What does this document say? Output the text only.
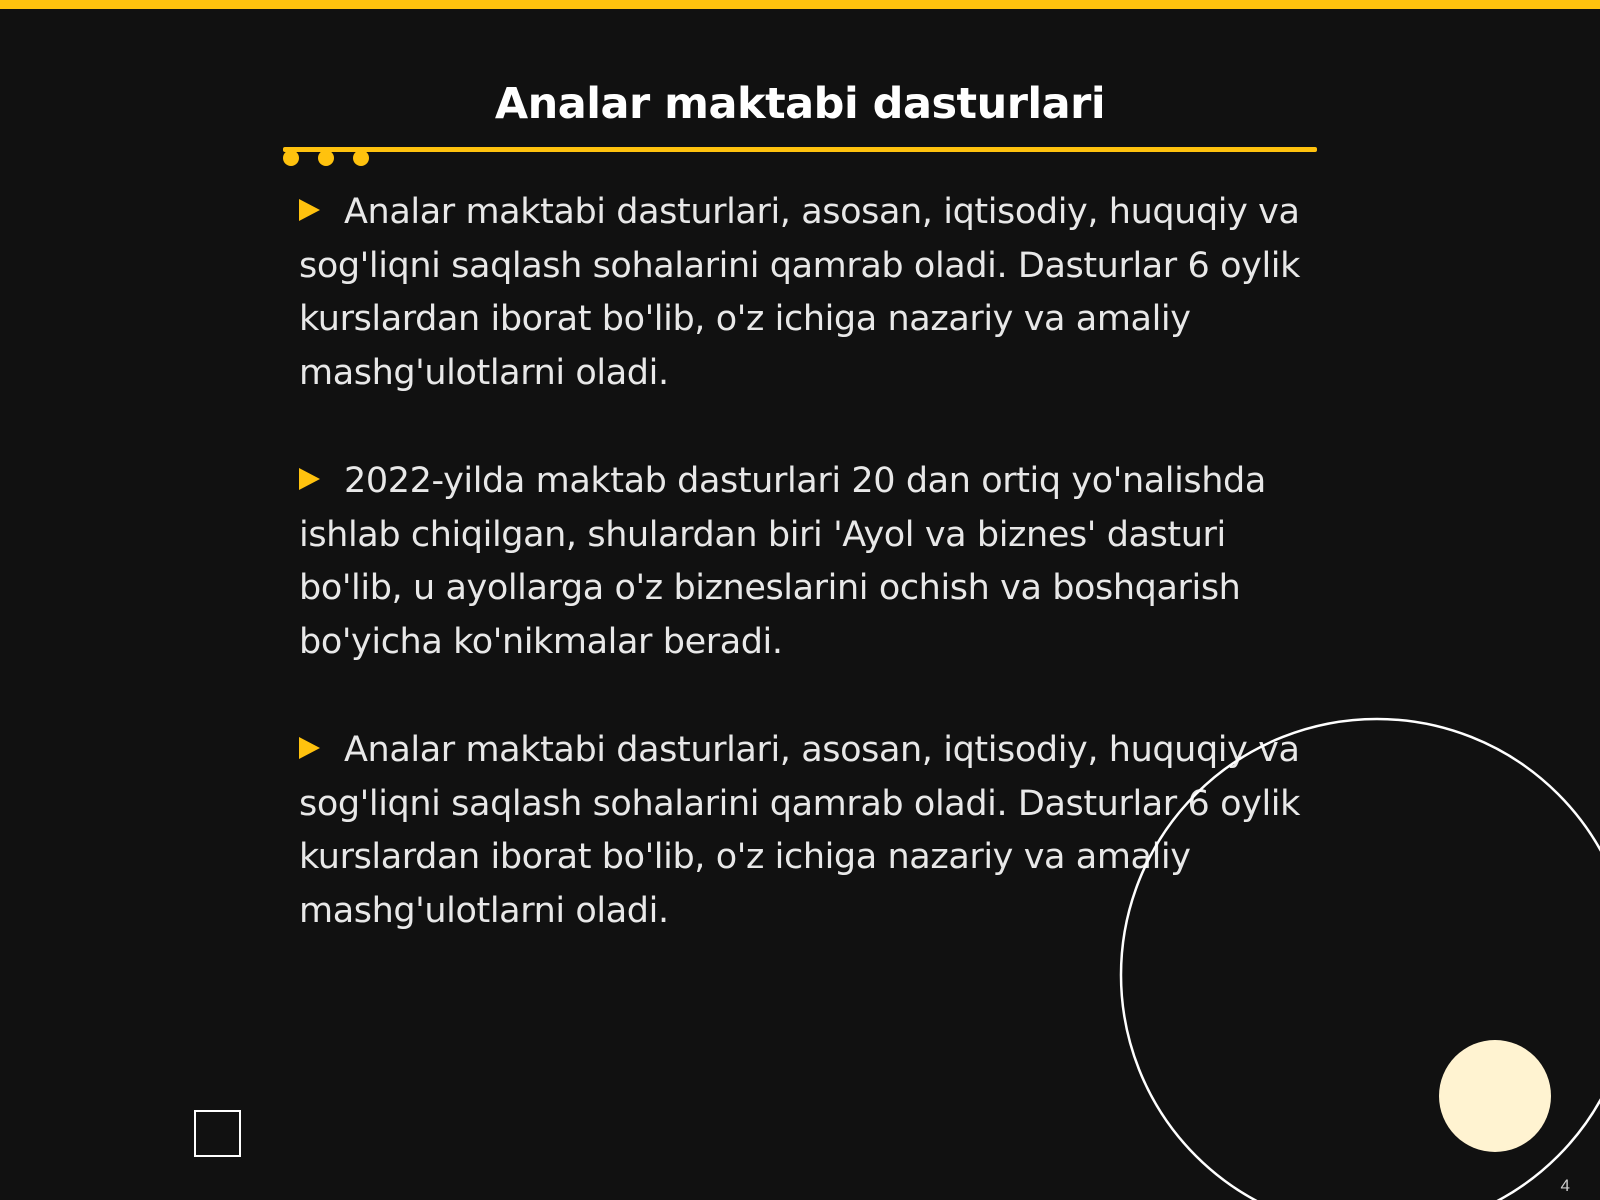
Analar maktabi dasturlari

Analar maktabi dasturlari, asosan, iqtisodiy, huquqiy va sog'liqni saqlash sohalarini qamrab oladi. Dasturlar 6 oylik kurslardan iborat bo'lib, o'z ichiga nazariy va amaliy mashg'ulotlarni oladi.

2022-yilda maktab dasturlari 20 dan ortiq yo'nalishda ishlab chiqilgan, shulardan biri 'Ayol va biznes' dasturi bo'lib, u ayollarga o'z bizneslarini ochish va boshqarish bo'yicha ko'nikmalar beradi.

Analar maktabi dasturlari, asosan, iqtisodiy, huquqiy va sog'liqni saqlash sohalarini qamrab oladi. Dasturlar 6 oylik kurslardan iborat bo'lib, o'z ichiga nazariy va amaliy mashg'ulotlarni oladi.

4
